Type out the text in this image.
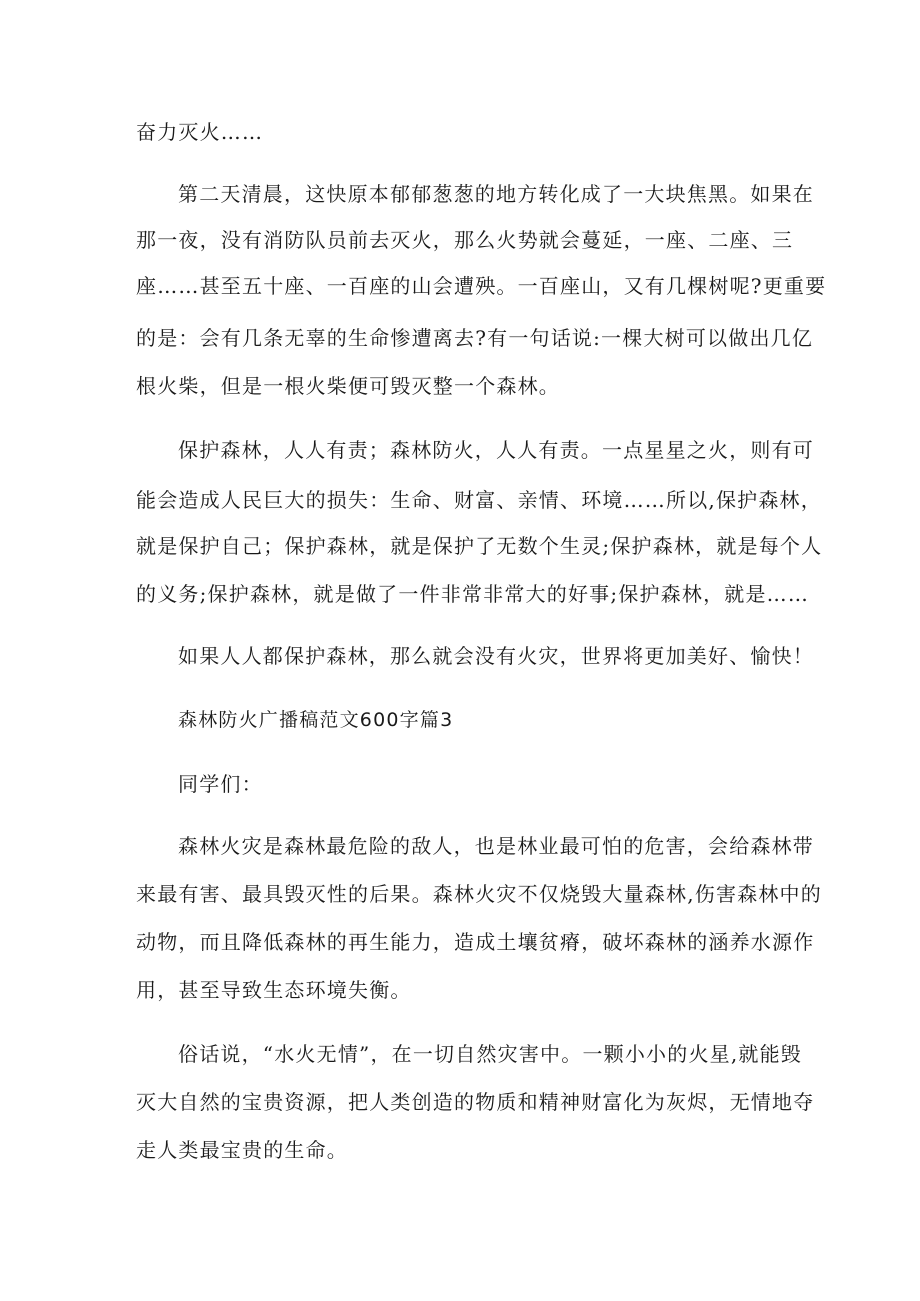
奋力灭火……
第二天清晨，这快原本郁郁葱葱的地方转化成了一大块焦黑。如果在
那一夜，没有消防队员前去灭火，那么火势就会蔓延，一座、二座、三
座……甚至五十座、一百座的山会遭殃。一百座山，又有几棵树呢?更重要
的是：会有几条无辜的生命惨遭离去?有一句话说:一棵大树可以做出几亿
根火柴，但是一根火柴便可毁灭整一个森林。
保护森林，人人有责；森林防火，人人有责。一点星星之火，则有可
能会造成人民巨大的损失：生命、财富、亲情、环境……所以,保护森林，
就是保护自己；保护森林，就是保护了无数个生灵;保护森林，就是每个人
的义务;保护森林，就是做了一件非常非常大的好事;保护森林，就是……
如果人人都保护森林，那么就会没有火灾，世界将更加美好、愉快！
森林防火广播稿范文600字篇3
同学们：
森林火灾是森林最危险的敌人，也是林业最可怕的危害，会给森林带
来最有害、最具毁灭性的后果。森林火灾不仅烧毁大量森林,伤害森林中的
动物，而且降低森林的再生能力，造成土壤贫瘠，破坏森林的涵养水源作
用，甚至导致生态环境失衡。
俗话说，“水火无情”，在一切自然灾害中。一颗小小的火星,就能毁
灭大自然的宝贵资源，把人类创造的物质和精神财富化为灰烬，无情地夺
走人类最宝贵的生命。
